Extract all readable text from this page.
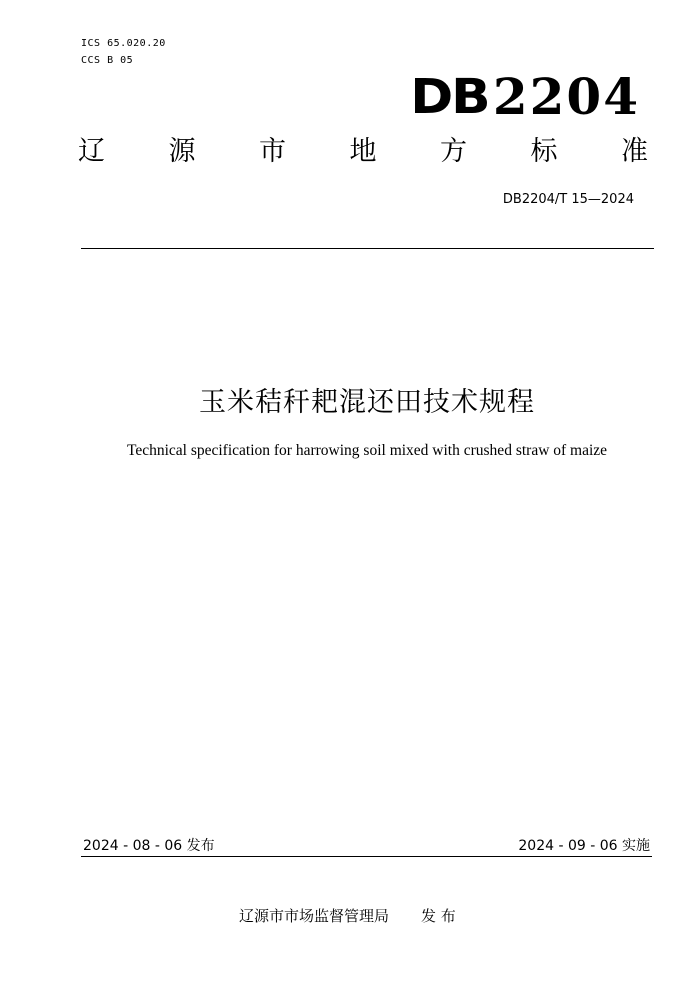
ICS 65.020.20
CCS B 05
DB 2204
辽 源 市 地 方 标 准
DB2204/T 15—2024
玉米秸秆耙混还田技术规程
Technical specification for harrowing soil mixed with crushed straw of maize
2024 - 08 - 06 发布	2024 - 09 - 06 实施
辽源市市场监督管理局 发 布
